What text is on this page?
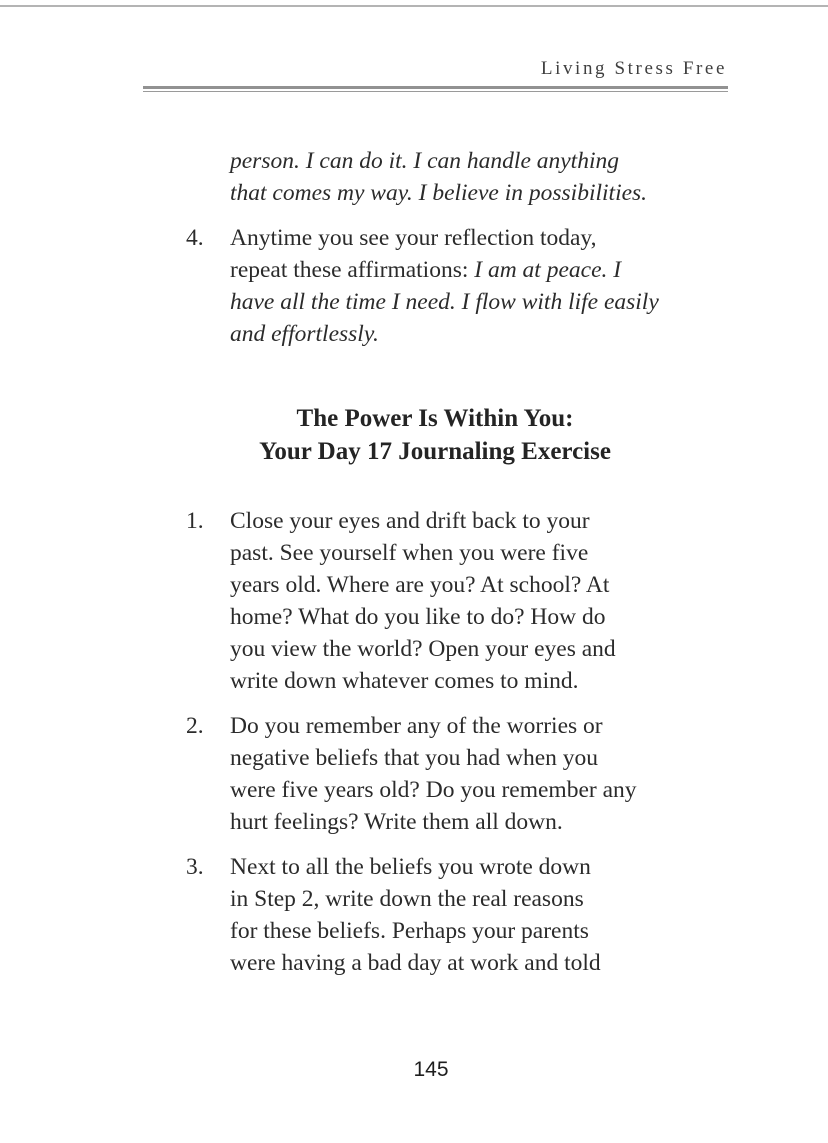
Living Stress Free
person. I can do it. I can handle anything
that comes my way. I believe in possibilities.
4.	Anytime you see your reflection today,
repeat these affirmations: I am at peace. I
have all the time I need. I flow with life easily
and effortlessly.
The Power Is Within You:
Your Day 17 Journaling Exercise
1.	Close your eyes and drift back to your
past. See yourself when you were five
years old. Where are you? At school? At
home? What do you like to do? How do
you view the world? Open your eyes and
write down whatever comes to mind.
2.	Do you remember any of the worries or
negative beliefs that you had when you
were five years old? Do you remember any
hurt feelings? Write them all down.
3.	Next to all the beliefs you wrote down
in Step 2, write down the real reasons
for these beliefs. Perhaps your parents
were having a bad day at work and told
145
